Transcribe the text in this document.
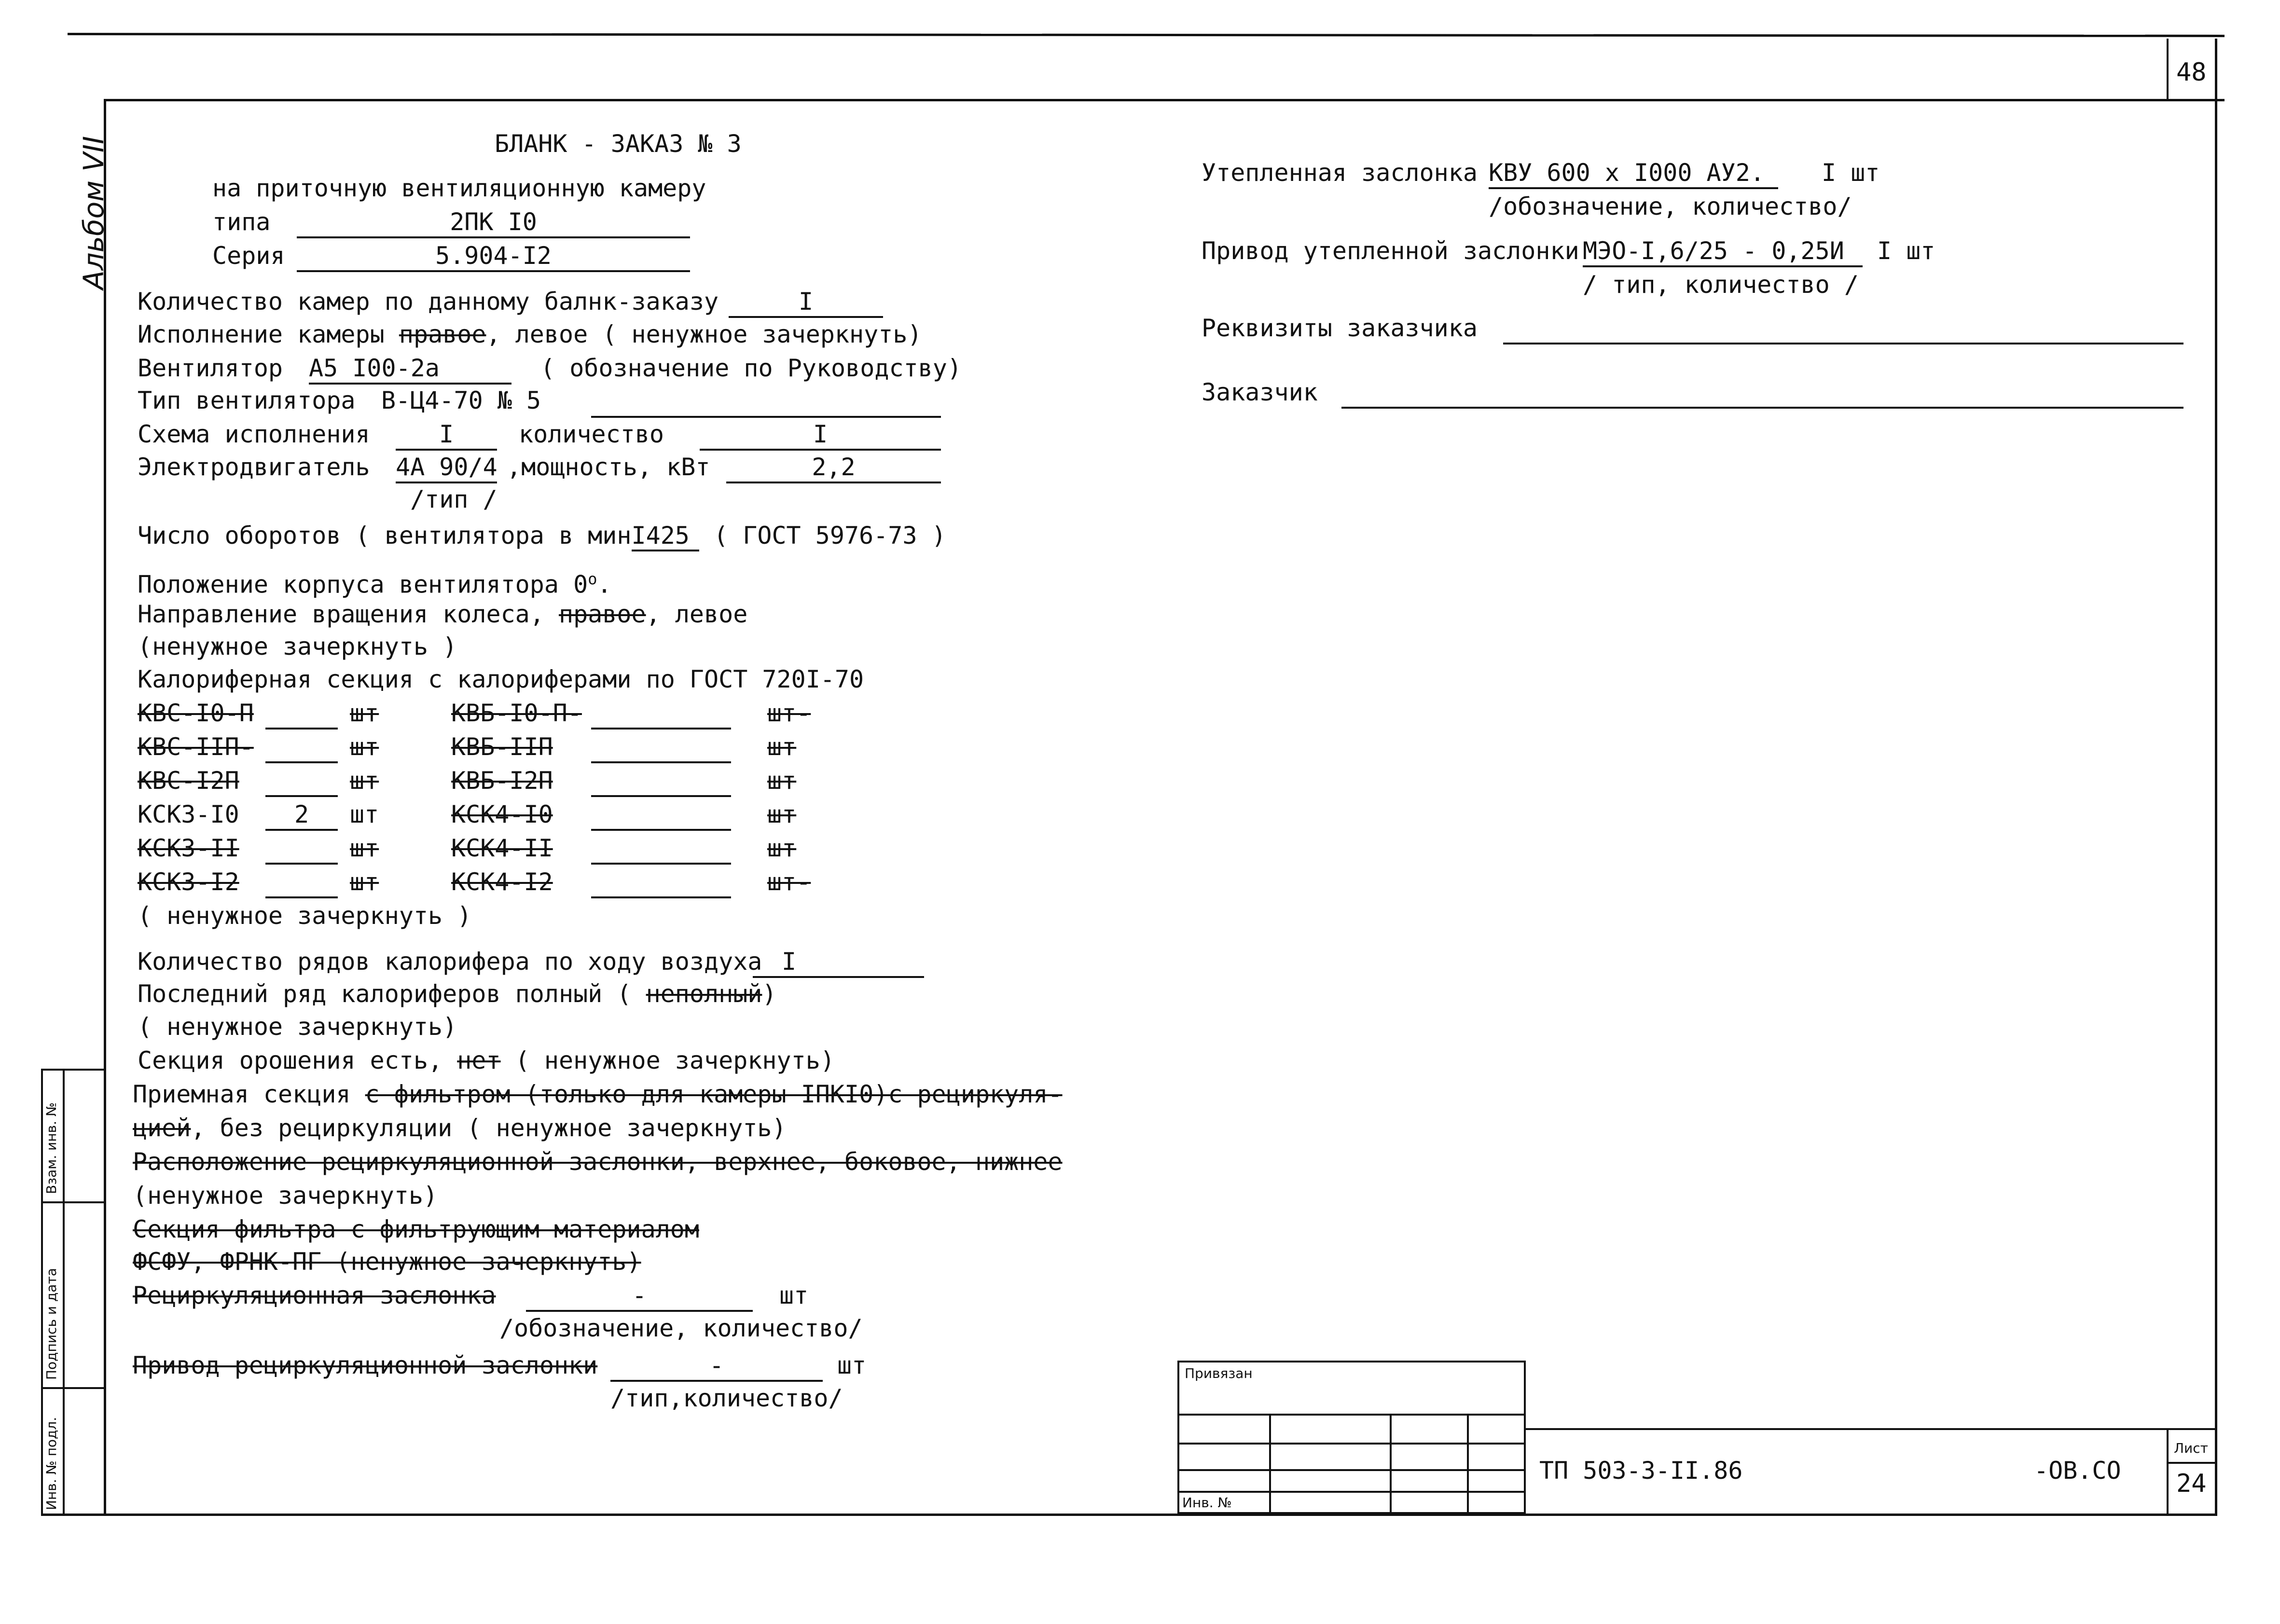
48
Альбом VII
Взам. инв. №
Подпись и дата
Инв. № подл.
БЛАНК - ЗАКАЗ № 3
на приточную вентиляционную камеру
типа	2ПК I0
Серия	5.904-I2
Количество камер по данному балнк-заказу	I
Исполнение камеры правое, левое ( ненужное зачеркнуть)
Вентилятор А5 I00-2а	( обозначение по Руководству)
Тип вентилятора В-Ц4-70 № 5
Схема исполнения	I	количество	I
Электродвигатель 4А 90/4 ,мощность, кВт	2,2
/тип /
Число оборотов ( вентилятора в минI425 ( ГОСТ 5976-73 )
Положение корпуса вентилятора $0^о$.
Направление вращения колеса, правое, левое
(ненужное зачеркнуть )
Калориферная секция с калориферами по ГОСТ 720I-70
КВС-I0-П	шт	КВБ-I0-П-	шт-
КВС-IIП-	шт	КВБ-IIП	шт
КВС-I2П	шт	КВБ-I2П	шт
КСК3-I0	2	шт	КСК4-I0	шт
КСК3-II	шт	КСК4-II	шт
КСК3-I2	шт	КСК4-I2	шт-
( ненужное зачеркнуть )
Количество рядов калорифера по ходу воздуха I
Последний ряд калориферов полный ( неполный)
( ненужное зачеркнуть)
Секция орошения есть, нет ( ненужное зачеркнуть)
Приемная секция с фильтром (только для камеры IПКI0)с рециркуля-
цией, без рециркуляции ( ненужное зачеркнуть)
Расположение рециркуляционной заслонки, верхнее, боковое, нижнее
(ненужное зачеркнуть)
Секция фильтра с фильтрующим материалом
ФСФУ, ФРНК-ПГ (ненужное зачеркнуть)
Рециркуляционная заслонка	-	шт
/обозначение, количество/
Привод рециркуляционной заслонки	-	шт
/тип,количество/
Утепленная заслонка КВУ 600 х I000 АУ2.	I шт
/обозначение, количество/
Привод утепленной заслонки МЭО-I,6/25 - 0,25И	I шт
/ тип, количество /
Реквизиты заказчика
Заказчик
Привязан
Инв. №
ТП 503-3-II.86	-ОВ.СО
Лист
24
